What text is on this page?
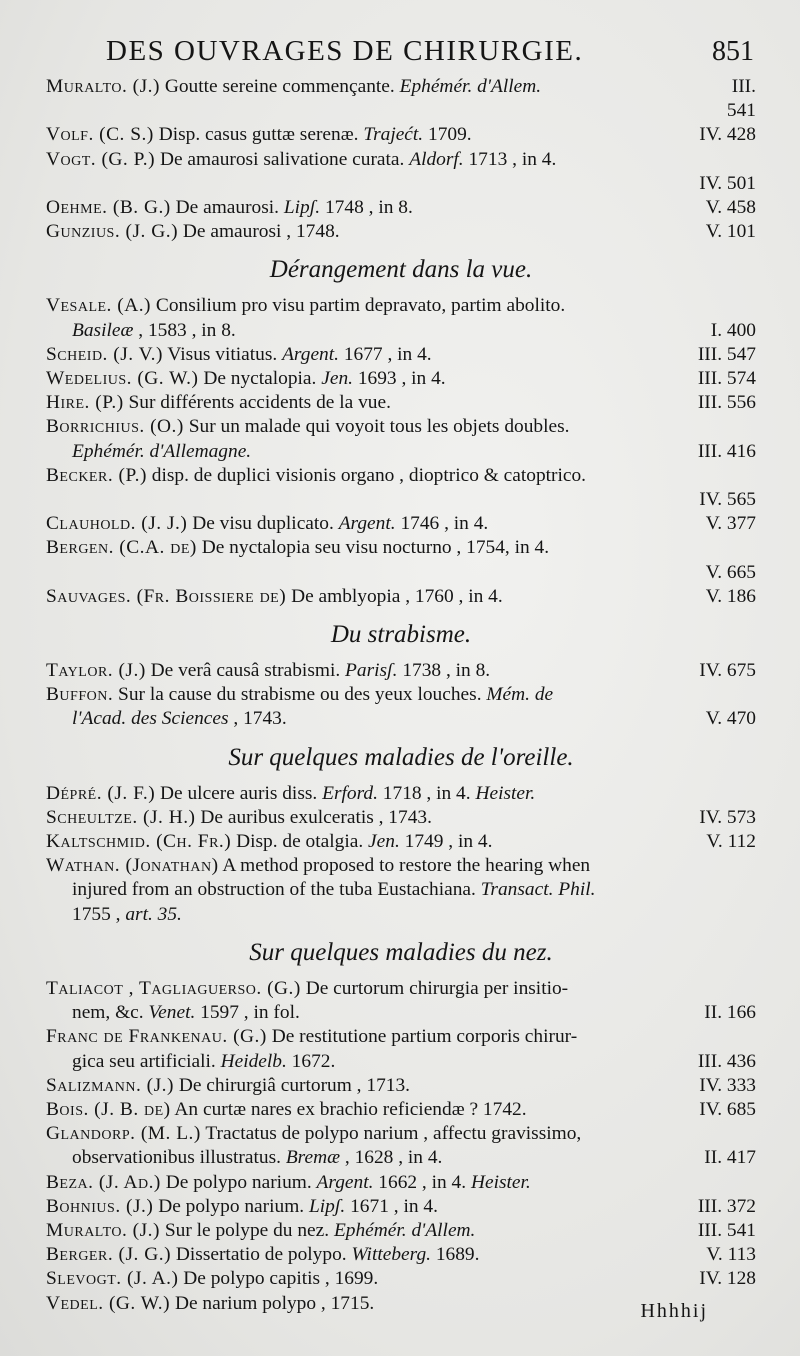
DES OUVRAGES DE CHIRURGIE.	851
Muralto. (J.) Goutte sereine commençante. Ephémér. d'Allem.	III.
541
Volf. (C. S.) Disp. casus guttæ serenæ. Trajećt. 1709.	IV. 428
Vogt. (G. P.) De amaurosi salivatione curata. Aldorf. 1713 , in 4.
IV. 501
Oehme. (B. G.) De amaurosi. Lipʃ. 1748 , in 8.	V. 458
Gunzius. (J. G.) De amaurosi , 1748.	V. 101
Dérangement dans la vue.
Vesale. (A.) Consilium pro visu partim depravato, partim abolito.
Basileæ , 1583 , in 8.	I. 400
Scheid. (J. V.) Visus vitiatus. Argent. 1677 , in 4.	III. 547
Wedelius. (G. W.) De nyctalopia. Jen. 1693 , in 4.	III. 574
Hire. (P.) Sur différents accidents de la vue.	III. 556
Borrichius. (O.) Sur un malade qui voyoit tous les objets doubles.
Ephémér. d'Allemagne.	III. 416
Becker. (P.) disp. de duplici visionis organo , dioptrico & catoptrico.
IV. 565
Clauhold. (J. J.) De visu duplicato. Argent. 1746 , in 4.	V. 377
Bergen. (C.A. de) De nyctalopia seu visu nocturno , 1754, in 4.
V. 665
Sauvages. (Fr. Boissiere de) De amblyopia , 1760 , in 4.	V. 186
Du strabisme.
Taylor. (J.) De verâ causâ strabismi. Parisʃ. 1738 , in 8.	IV. 675
Buffon. Sur la cause du strabisme ou des yeux louches. Mém. de
l'Acad. des Sciences , 1743.	V. 470
Sur quelques maladies de l'oreille.
Dépré. (J. F.) De ulcere auris diss. Erford. 1718 , in 4. Heister.
Scheultze. (J. H.) De auribus exulceratis , 1743.	IV. 573
Kaltschmid. (Ch. Fr.) Disp. de otalgia. Jen. 1749 , in 4.	V. 112
Wathan. (Jonathan) A method proposed to restore the hearing when
injured from an obstruction of the tuba Eustachiana. Transact. Phil.
1755 , art. 35.
Sur quelques maladies du nez.
Taliacot , Tagliaguerso. (G.) De curtorum chirurgia per insitio-
nem, &c. Venet. 1597 , in fol.	II. 166
Franc de Frankenau. (G.) De restitutione partium corporis chirur-
gica seu artificiali. Heidelb. 1672.	III. 436
Salizmann. (J.) De chirurgiâ curtorum , 1713.	IV. 333
Bois. (J. B. de) An curtæ nares ex brachio reficiendæ ? 1742.	IV. 685
Glandorp. (M. L.) Tractatus de polypo narium , affectu gravissimo,
observationibus illustratus. Bremæ , 1628 , in 4.	II. 417
Beza. (J. Ad.) De polypo narium. Argent. 1662 , in 4. Heister.
Bohnius. (J.) De polypo narium. Lipʃ. 1671 , in 4.	III. 372
Muralto. (J.) Sur le polype du nez. Ephémér. d'Allem.	III. 541
Berger. (J. G.) Dissertatio de polypo. Witteberg. 1689.	V. 113
Slevogt. (J. A.) De polypo capitis , 1699.	IV. 128
Vedel. (G. W.) De narium polypo , 1715.	Hhhhij
